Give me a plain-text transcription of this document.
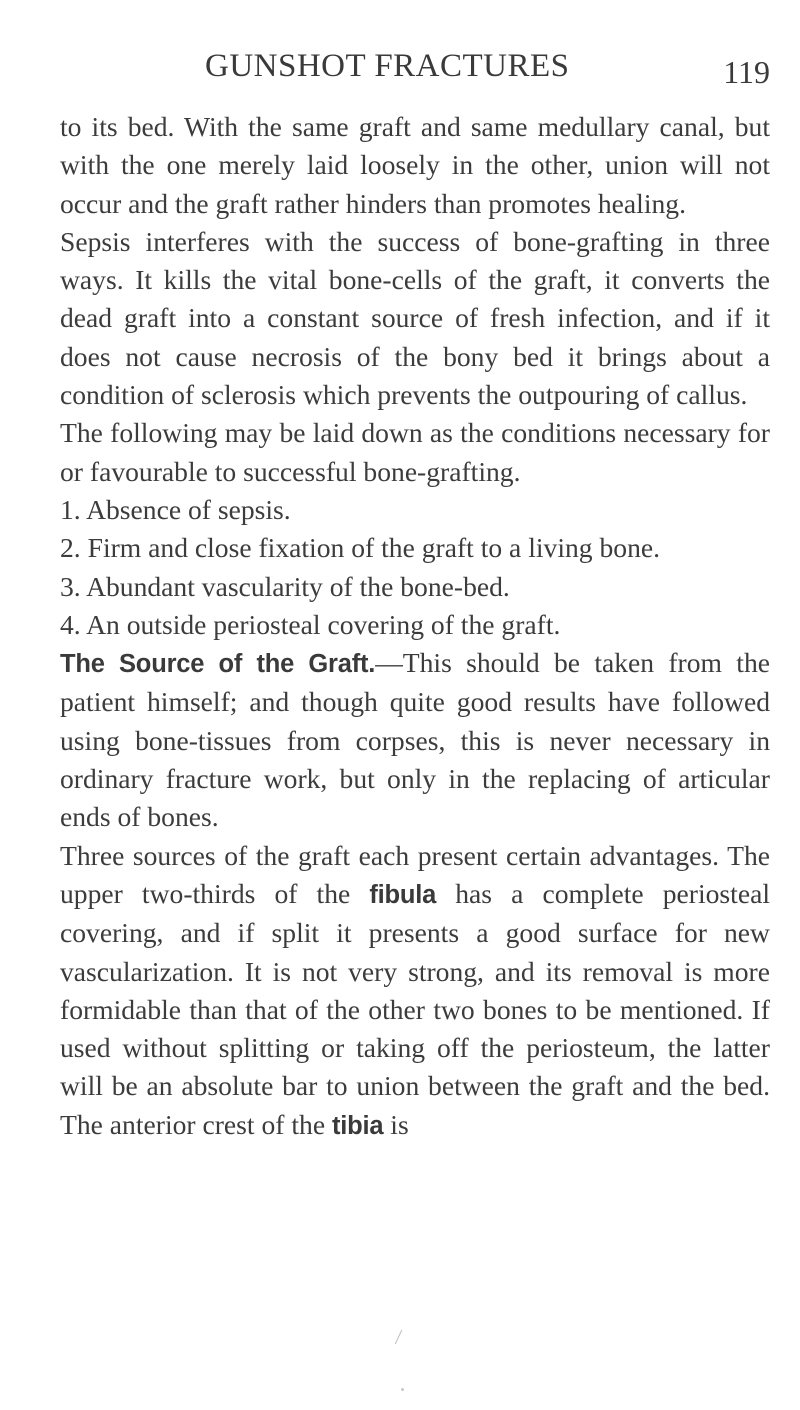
GUNSHOT FRACTURES	119

to its bed. With the same graft and same medullary canal, but with the one merely laid loosely in the other, union will not occur and the graft rather hinders than promotes healing.

Sepsis interferes with the success of bone-grafting in three ways. It kills the vital bone-cells of the graft, it converts the dead graft into a constant source of fresh infection, and if it does not cause necrosis of the bony bed it brings about a condition of sclerosis which prevents the outpouring of callus.

The following may be laid down as the conditions necessary for or favourable to successful bone-grafting.

1. Absence of sepsis.

2. Firm and close fixation of the graft to a living bone.

3. Abundant vascularity of the bone-bed.

4. An outside periosteal covering of the graft.

The Source of the Graft.—This should be taken from the patient himself; and though quite good results have followed using bone-tissues from corpses, this is never necessary in ordinary fracture work, but only in the replacing of articular ends of bones.

Three sources of the graft each present certain advantages. The upper two-thirds of the fibula has a complete periosteal covering, and if split it presents a good surface for new vascularization. It is not very strong, and its removal is more formidable than that of the other two bones to be mentioned. If used without splitting or taking off the periosteum, the latter will be an absolute bar to union between the graft and the bed. The anterior crest of the tibia is
